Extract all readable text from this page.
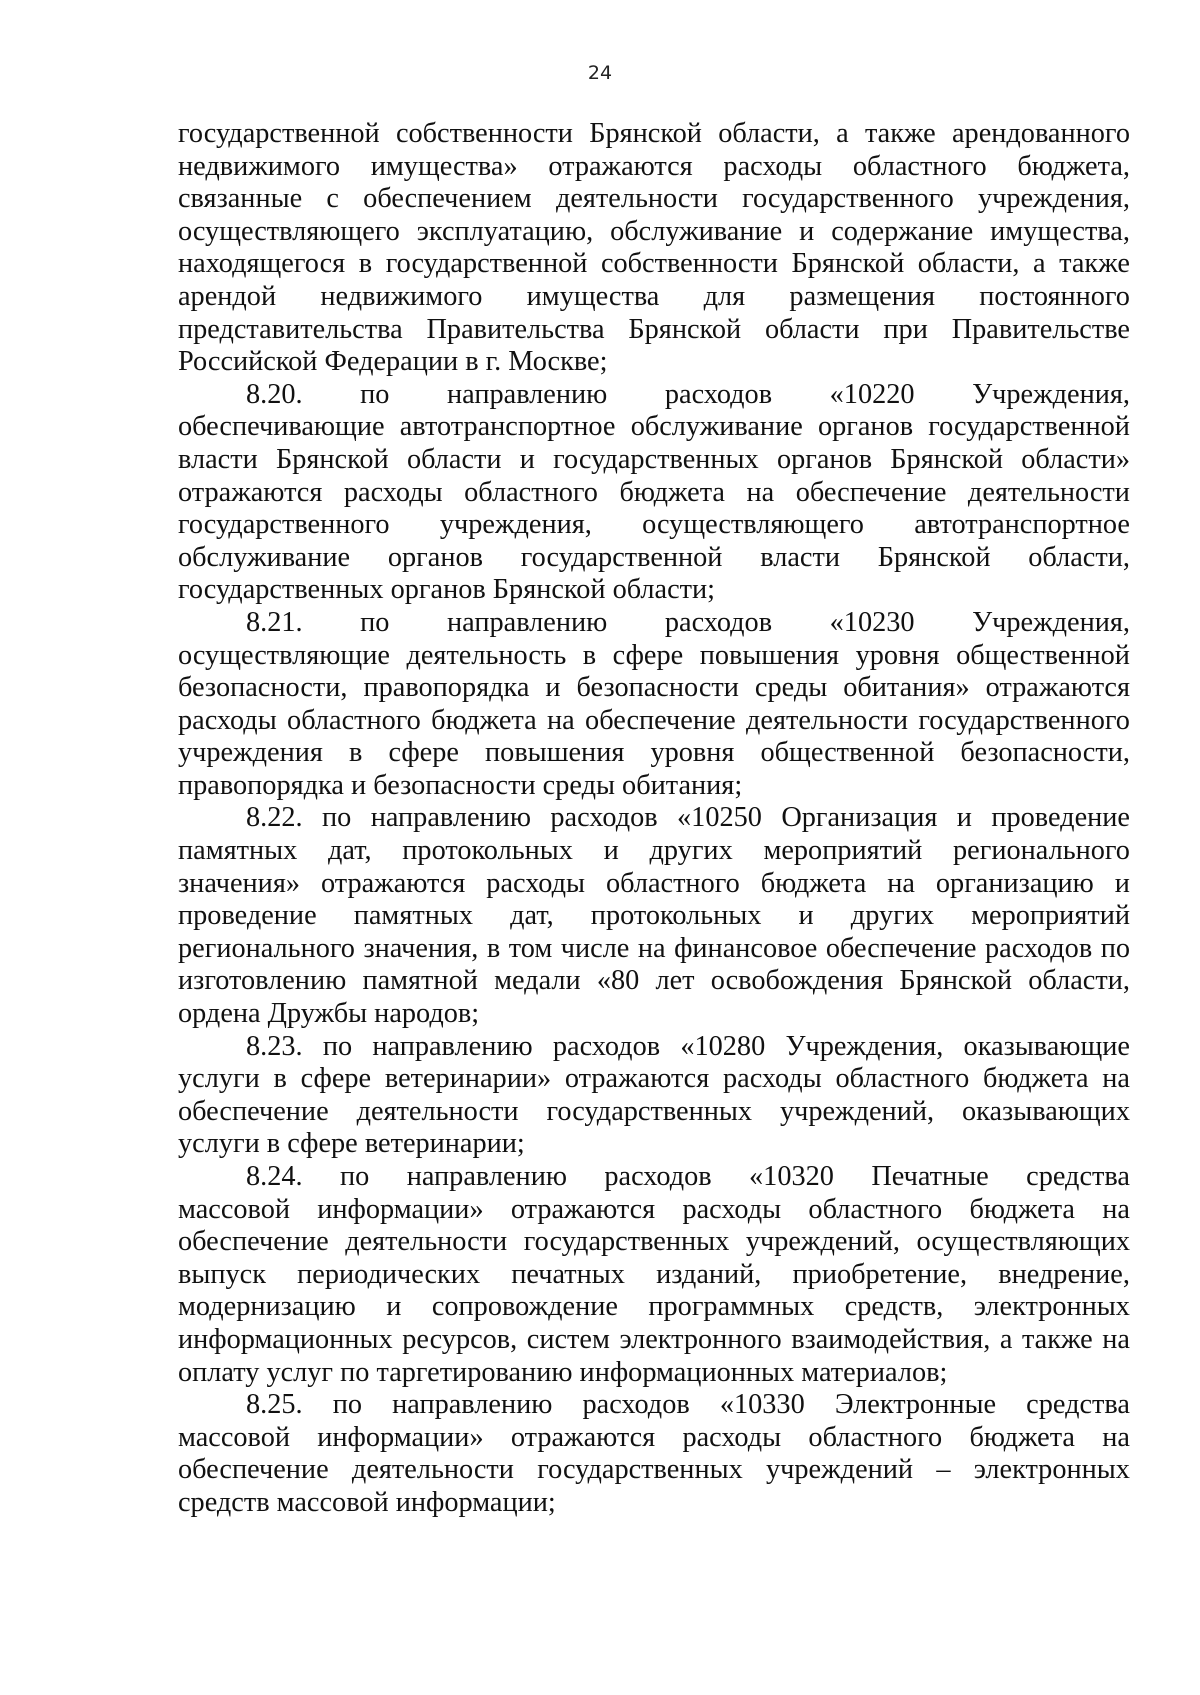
24
государственной собственности Брянской области, а также арендованного
недвижимого имущества» отражаются расходы областного бюджета,
связанные с обеспечением деятельности государственного учреждения,
осуществляющего эксплуатацию, обслуживание и содержание имущества,
находящегося в государственной собственности Брянской области, а также
арендой недвижимого имущества для размещения постоянного
представительства Правительства Брянской области при Правительстве
Российской Федерации в г. Москве;
8.20. по направлению расходов «10220 Учреждения,
обеспечивающие автотранспортное обслуживание органов государственной
власти Брянской области и государственных органов Брянской области»
отражаются расходы областного бюджета на обеспечение деятельности
государственного учреждения, осуществляющего автотранспортное
обслуживание органов государственной власти Брянской области,
государственных органов Брянской области;
8.21. по направлению расходов «10230 Учреждения,
осуществляющие деятельность в сфере повышения уровня общественной
безопасности, правопорядка и безопасности среды обитания» отражаются
расходы областного бюджета на обеспечение деятельности государственного
учреждения в сфере повышения уровня общественной безопасности,
правопорядка и безопасности среды обитания;
8.22. по направлению расходов «10250 Организация и проведение
памятных дат, протокольных и других мероприятий регионального
значения» отражаются расходы областного бюджета на организацию и
проведение памятных дат, протокольных и других мероприятий
регионального значения, в том числе на финансовое обеспечение расходов по
изготовлению памятной медали «80 лет освобождения Брянской области,
ордена Дружбы народов;
8.23. по направлению расходов «10280 Учреждения, оказывающие
услуги в сфере ветеринарии» отражаются расходы областного бюджета на
обеспечение деятельности государственных учреждений, оказывающих
услуги в сфере ветеринарии;
8.24. по направлению расходов «10320 Печатные средства
массовой информации» отражаются расходы областного бюджета на
обеспечение деятельности государственных учреждений, осуществляющих
выпуск периодических печатных изданий, приобретение, внедрение,
модернизацию и сопровождение программных средств, электронных
информационных ресурсов, систем электронного взаимодействия, а также на
оплату услуг по таргетированию информационных материалов;
8.25. по направлению расходов «10330 Электронные средства
массовой информации» отражаются расходы областного бюджета на
обеспечение деятельности государственных учреждений – электронных
средств массовой информации;
